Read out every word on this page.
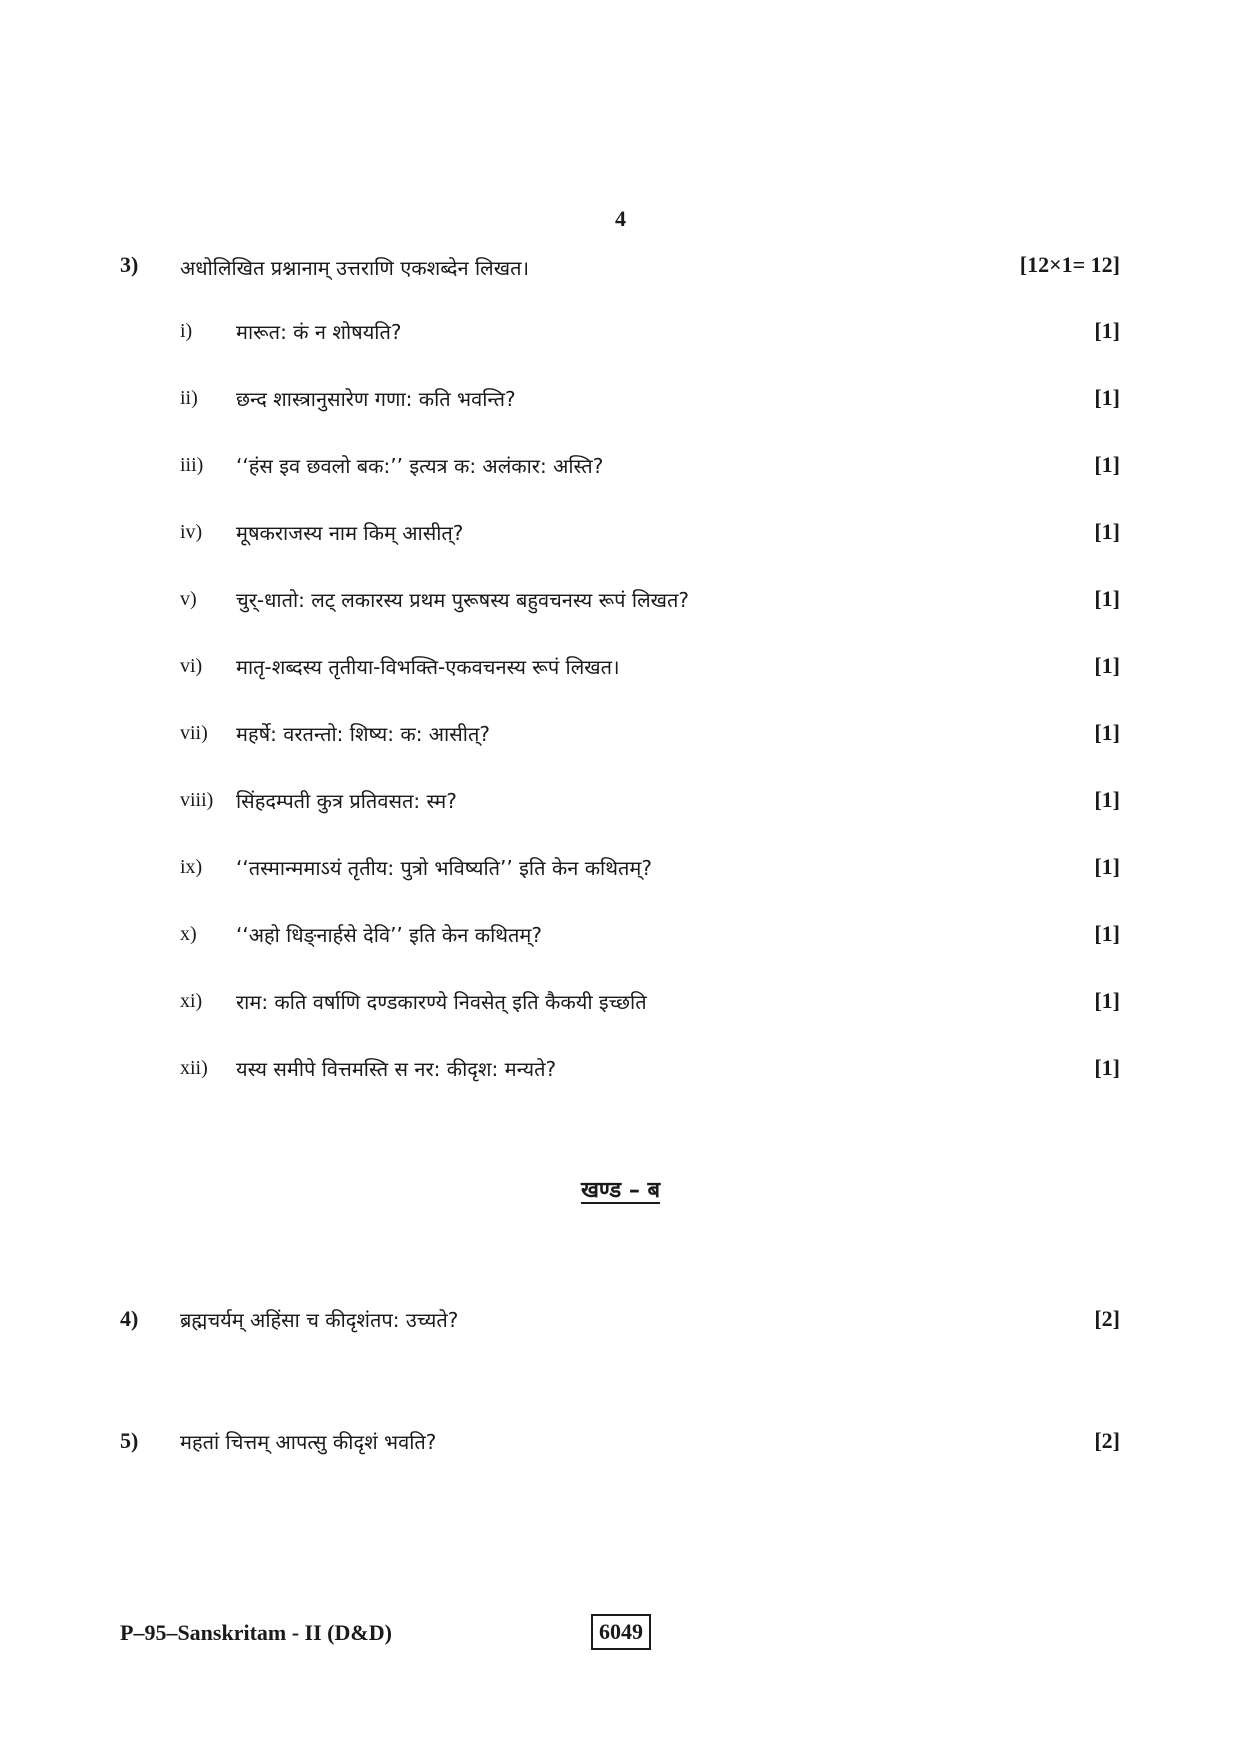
4
3) अधोलिखित प्रश्नानाम् उत्तराणि एकशब्देन लिखत।	[12×1= 12]
i) मारूत: कं न शोषयति?	[1]
ii) छन्द शास्त्रानुसारेण गणा: कति भवन्ति?	[1]
iii) ‘‘हंस इव छवलो बक:’’ इत्यत्र क: अलंकार: अस्ति?	[1]
iv) मूषकराजस्य नाम किम् आसीत्?	[1]
v) चुर्-धातो: लट् लकारस्य प्रथम पुरूषस्य बहुवचनस्य रूपं लिखत?	[1]
vi) मातृ-शब्दस्य तृतीया-विभक्ति-एकवचनस्य रूपं लिखत।	[1]
vii) महर्षे: वरतन्तो: शिष्य: क: आसीत्?	[1]
viii) सिंहदम्पती कुत्र प्रतिवसत: स्म?	[1]
ix) ‘‘तस्मान्ममाऽयं तृतीय: पुत्रो भविष्यति’’ इति केन कथितम्?	[1]
x) ‘‘अहो धिङ्नार्हसे देवि’’ इति केन कथितम्?	[1]
xi) राम: कति वर्षाणि दण्डकारण्ये निवसेत् इति कैकयी इच्छति	[1]
xii) यस्य समीपे वित्तमस्ति स नर: कीदृश: मन्यते?	[1]
खण्ड – ब
4) ब्रह्मचर्यम् अहिंसा च कीदृशंतप: उच्यते?	[2]
5) महतां चित्तम् आपत्सु कीदृशं भवति?	[2]
P–95–Sanskritam - II (D&D)	6049
